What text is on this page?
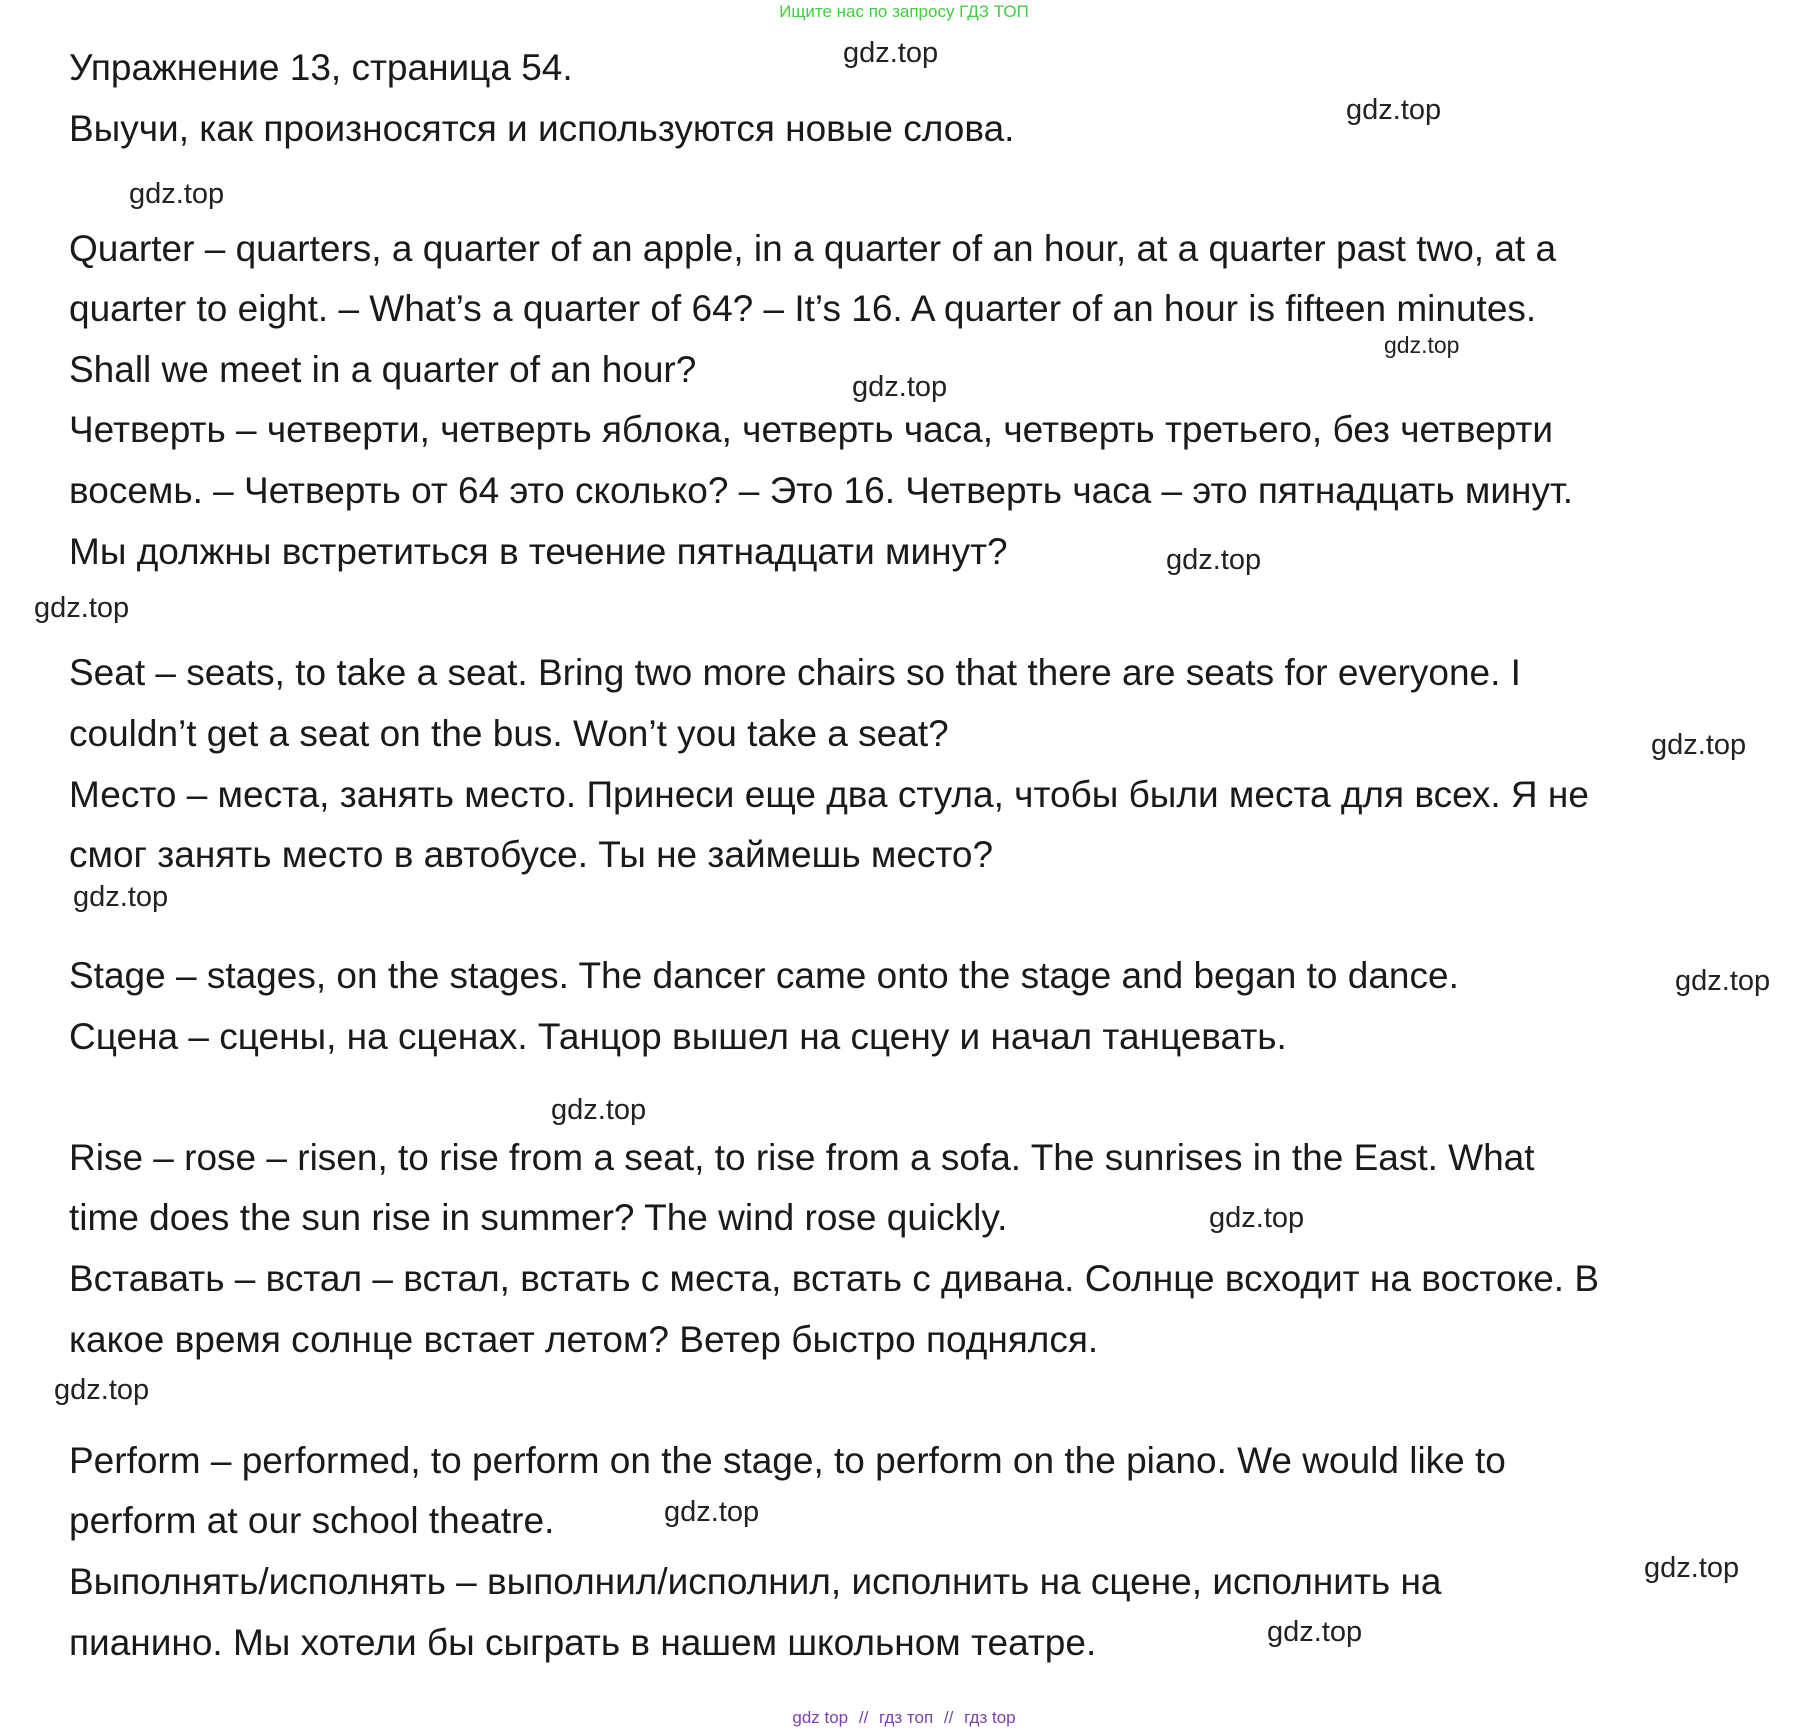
Ищите нас по запросу ГДЗ ТОП
Упражнение 13, страница 54.
Выучи, как произносятся и используются новые слова.
Quarter – quarters, a quarter of an apple, in a quarter of an hour, at a quarter past two, at a
quarter to eight. – What’s a quarter of 64? – It’s 16. A quarter of an hour is fifteen minutes.
Shall we meet in a quarter of an hour?
Четверть – четверти, четверть яблока, четверть часа, четверть третьего, без четверти
восемь. – Четверть от 64 это сколько? – Это 16. Четверть часа – это пятнадцать минут.
Мы должны встретиться в течение пятнадцати минут?
Seat – seats, to take a seat. Bring two more chairs so that there are seats for everyone. I
couldn’t get a seat on the bus. Won’t you take a seat?
Место – места, занять место. Принеси еще два стула, чтобы были места для всех. Я не
смог занять место в автобусе. Ты не займешь место?
Stage – stages, on the stages. The dancer came onto the stage and began to dance.
Сцена – сцены, на сценах. Танцор вышел на сцену и начал танцевать.
Rise – rose – risen, to rise from a seat, to rise from a sofa. The sunrises in the East. What
time does the sun rise in summer? The wind rose quickly.
Вставать – встал – встал, встать с места, встать с дивана. Солнце всходит на востоке. В
какое время солнце встает летом? Ветер быстро поднялся.
Perform – performed, to perform on the stage, to perform on the piano. We would like to
perform at our school theatre.
Выполнять/исполнять – выполнил/исполнил, исполнить на сцене, исполнить на
пианино. Мы хотели бы сыграть в нашем школьном театре.
gdz.top
gdz.top
gdz.top
gdz.top
gdz.top
gdz.top
gdz.top
gdz.top
gdz.top
gdz.top
gdz.top
gdz.top
gdz.top
gdz.top
gdz.top
gdz.top
gdz top // гдз топ // гдз top
